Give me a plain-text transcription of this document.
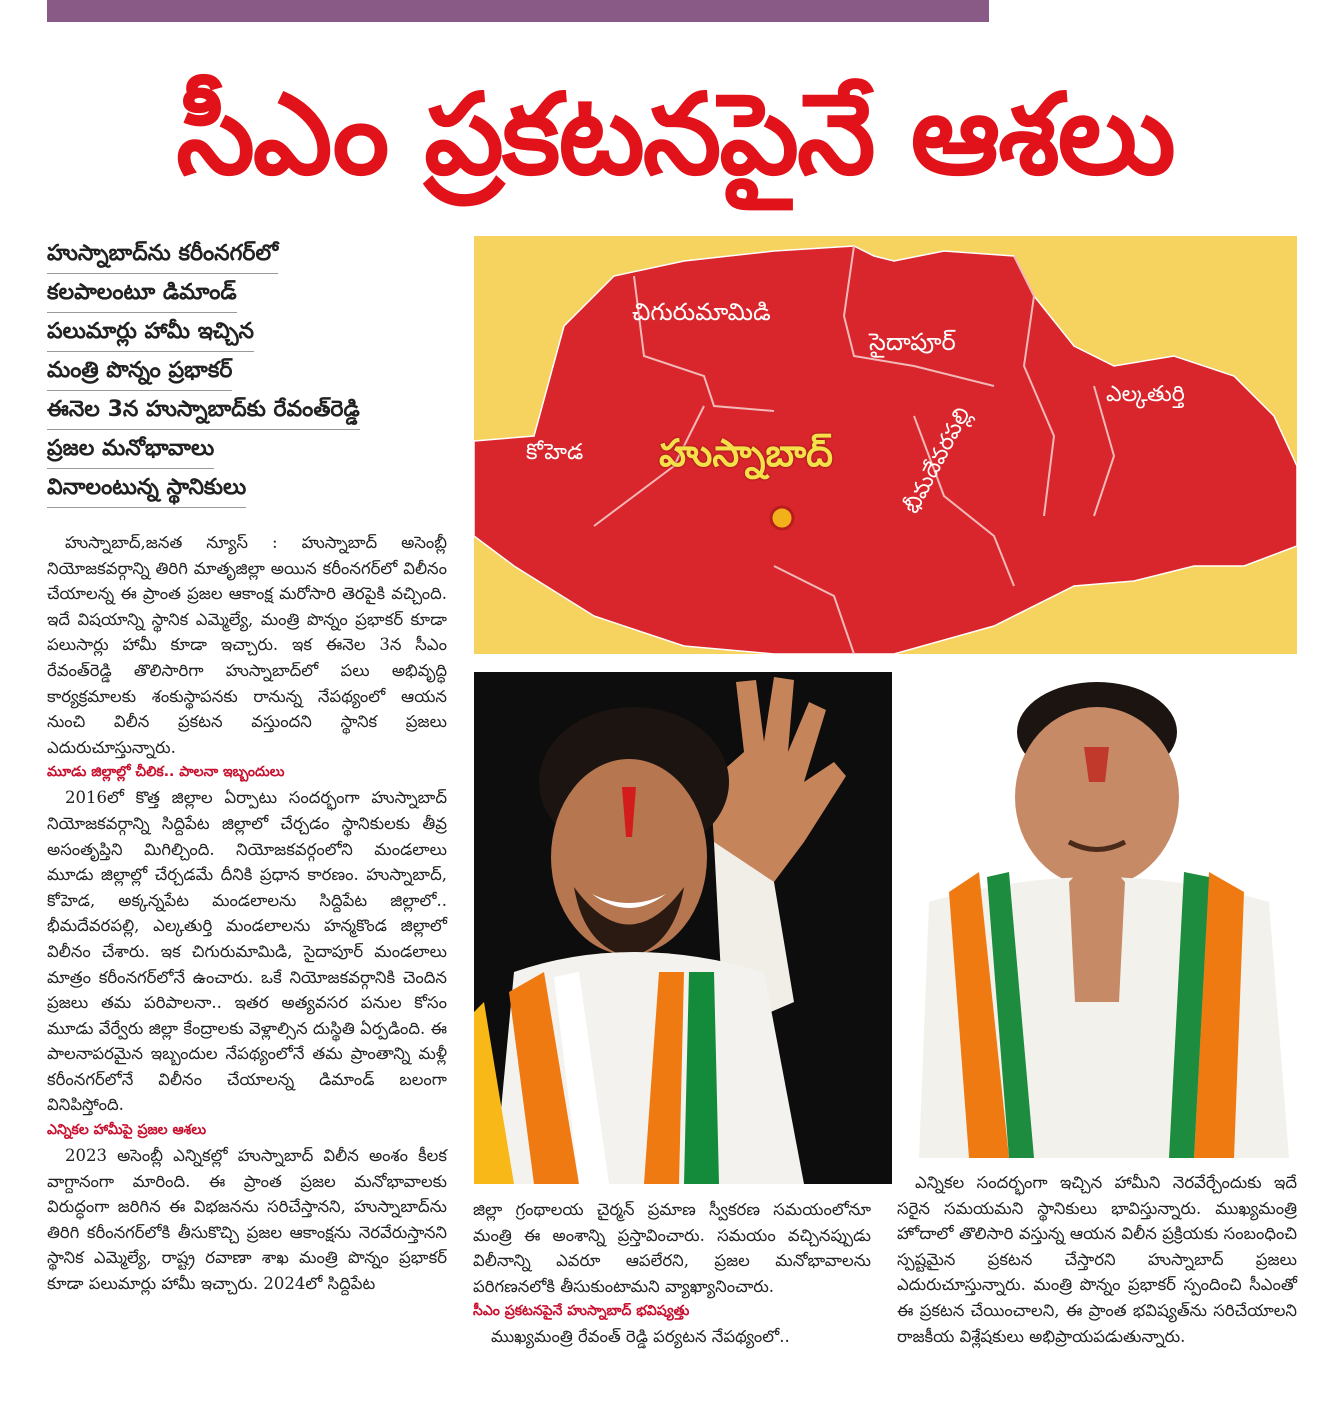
సీఎం ప్రకటనపైనే ఆశలు
హుస్నాబాద్‌ను కరీంనగర్‌లో
కలపాలంటూ డిమాండ్
పలుమార్లు హామీ ఇచ్చిన
మంత్రి పొన్నం ప్రభాకర్
ఈనెల 3న హుస్నాబాద్‌కు రేవంత్‌రెడ్డి
ప్రజల మనోభావాలు
వినాలంటున్న స్థానికులు
హుస్నాబాద్
చిగురుమామిడి
సైదాపూర్
ఎల్కతుర్తి
కోహెడ	భీమదేవరపల్లి

హుస్నాబాద్,జనత న్యూస్ : హుస్నాబాద్ అసెంబ్లీ నియోజకవర్గాన్ని తిరిగి మాతృజిల్లా అయిన కరీంనగర్‌లో విలీనం చేయాలన్న ఈ ప్రాంత ప్రజల ఆకాంక్ష మరోసారి తెరపైకి వచ్చింది. ఇదే విషయాన్ని స్థానిక ఎమ్మెల్యే, మంత్రి పొన్నం ప్రభాకర్ కూడా పలుసార్లు హామీ కూడా ఇచ్చారు. ఇక ఈనెల 3న సీఎం రేవంత్‌రెడ్డి తొలిసారిగా హుస్నాబాద్‌లో పలు అభివృద్ధి కార్యక్రమాలకు శంకుస్థాపనకు రానున్న నేపథ్యంలో ఆయన నుంచి విలీన ప్రకటన వస్తుందని స్థానిక ప్రజలు ఎదురుచూస్తున్నారు.

మూడు జిల్లాల్లో చీలిక.. పాలనా ఇబ్బందులు

2016లో కొత్త జిల్లాల ఏర్పాటు సందర్భంగా హుస్నాబాద్ నియోజకవర్గాన్ని సిద్దిపేట జిల్లాలో చేర్చడం స్థానికులకు తీవ్ర అసంతృప్తిని మిగిల్చింది. నియోజకవర్గంలోని మండలాలు మూడు జిల్లాల్లో చేర్చడమే దీనికి ప్రధాన కారణం. హుస్నాబాద్, కోహెడ, అక్కన్నపేట మండలాలను సిద్దిపేట జిల్లాలో.. భీమదేవరపల్లి, ఎల్కతుర్తి మండలాలను హన్మకొండ జిల్లాలో విలీనం చేశారు. ఇక చిగురుమామిడి, సైదాపూర్ మండలాలు మాత్రం కరీంనగర్‌లోనే ఉంచారు. ఒకే నియోజకవర్గానికి చెందిన ప్రజలు తమ పరిపాలనా.. ఇతర అత్యవసర పనుల కోసం మూడు వేర్వేరు జిల్లా కేంద్రాలకు వెళ్లాల్సిన దుస్థితి ఏర్పడింది. ఈ పాలనాపరమైన ఇబ్బందుల నేపథ్యంలోనే తమ ప్రాంతాన్ని మళ్లీ కరీంనగర్‌లోనే విలీనం చేయాలన్న డిమాండ్ బలంగా వినిపిస్తోంది.

ఎన్నికల హామీపై ప్రజల ఆశలు

2023 అసెంబ్లీ ఎన్నికల్లో హుస్నాబాద్ విలీన అంశం కీలక వాగ్దానంగా మారింది. ఈ ప్రాంత ప్రజల మనోభావాలకు విరుద్ధంగా జరిగిన ఈ విభజనను సరిచేస్తానని, హుస్నాబాద్‌ను తిరిగి కరీంనగర్‌లోకి తీసుకొచ్చి ప్రజల ఆకాంక్షను నెరవేరుస్తానని స్థానిక ఎమ్మెల్యే, రాష్ట్ర రవాణా శాఖ మంత్రి పొన్నం ప్రభాకర్ కూడా పలుమార్లు హామీ ఇచ్చారు. 2024లో సిద్దిపేట

జిల్లా గ్రంథాలయ చైర్మన్ ప్రమాణ స్వీకరణ సమయంలోనూ మంత్రి ఈ అంశాన్ని ప్రస్తావించారు. సమయం వచ్చినప్పుడు విలీనాన్ని ఎవరూ ఆపలేరని, ప్రజల మనోభావాలను పరిగణనలోకి తీసుకుంటామని వ్యాఖ్యానించారు.

సీఎం ప్రకటనపైనే హుస్నాబాద్ భవిష్యత్తు

ముఖ్యమంత్రి రేవంత్ రెడ్డి పర్యటన నేపథ్యంలో..

ఎన్నికల సందర్భంగా ఇచ్చిన హామీని నెరవేర్చేందుకు ఇదే సరైన సమయమని స్థానికులు భావిస్తున్నారు. ముఖ్యమంత్రి హోదాలో తొలిసారి వస్తున్న ఆయన విలీన ప్రక్రియకు సంబంధించి స్పష్టమైన ప్రకటన చేస్తారని హుస్నాబాద్ ప్రజలు ఎదురుచూస్తున్నారు. మంత్రి పొన్నం ప్రభాకర్ స్పందించి సీఎంతో ఈ ప్రకటన చేయించాలని, ఈ ప్రాంత భవిష్యత్‌ను సరిచేయాలని రాజకీయ విశ్లేషకులు అభిప్రాయపడుతున్నారు.
